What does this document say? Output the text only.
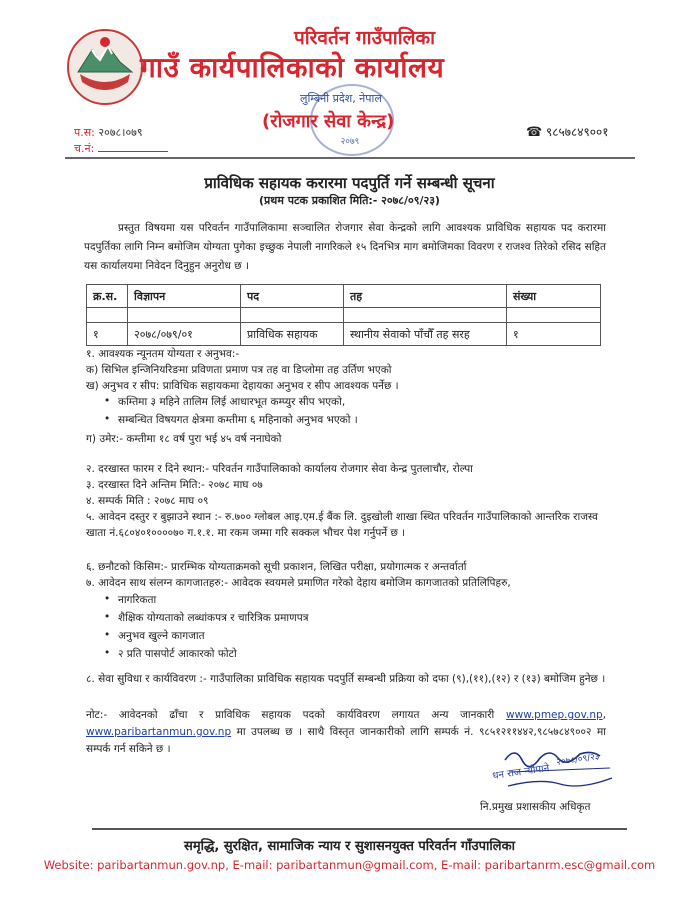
परिवर्तन गाउँपालिका
गाउँ कार्यपालिकाको कार्यालय
लुम्बिनी प्रदेश, नेपाल
(रोजगार सेवा केन्द्र)
२०७९
प.स: २०७८।०७९
च.नं:
☎ ९८५७८४९००१
प्राविधिक सहायक करारमा पदपुर्ति गर्ने सम्बन्धी सूचना
(प्रथम पटक प्रकाशित मिति:- २०७८/०९/२३)
प्रस्तुत विषयमा यस परिवर्तन गाउँपालिकामा सञ्चालित रोजगार सेवा केन्द्रको लागि आवश्यक प्राविधिक सहायक पद करारमा पदपुर्तिका लागि निम्न बमोजिम योग्यता पुगेका इच्छुक नेपाली नागरिकले १५ दिनभित्र माग बमोजिमका विवरण र राजश्व तिरेको रसिद सहित यस कार्यालयमा निवेदन दिनुहुन अनुरोध छ ।
क्र.स.	विज्ञापन	पद	तह	संख्या

१	२०७८/०७९/०१	प्राविधिक सहायक	स्थानीय सेवाको पाँचौँ तह सरह	१
१. आवश्यक न्यूनतम योग्यता र अनुभव:-
क) सिभिल इन्जिनियरिङमा प्रविणता प्रमाण पत्र तह वा डिप्लोमा तह उर्तिण भएको
ख) अनुभव र सीप: प्राविधिक सहायकमा देहायका अनुभव र सीप आवश्यक पर्नेछ ।
• कम्तिमा ३ महिने तालिम लिई आधारभूत कम्प्युर सीप भएको,
• सम्बन्धित विषयगत क्षेत्रमा कम्तीमा ६ महिनाको अनुभव भएको ।
ग) उमेर:- कम्तीमा १८ वर्ष पुरा भई ४५ वर्ष ननाघेको
२. दरखास्त फारम र दिने स्थान:- परिवर्तन गाउँपालिकाको कार्यालय रोजगार सेवा केन्द्र पुतलाचौर, रोल्पा
३. दरखास्त दिने अन्तिम मिति:- २०७८ माघ ०७
४. सम्पर्क मिति : २०७८ माघ ०९
५. आवेदन दस्तुर र बुझाउने स्थान :- रु.७०० ग्लोबल आइ.एम.ई बैंक लि. दुइखोली शाखा स्थित परिवर्तन गाउँपालिकाको आन्तरिक राजस्व खाता नं.६८०४०१००००७० ग.१.१. मा रकम जम्मा गरि सक्कल भौचर पेश गर्नुपर्ने छ ।
६. छनौटको किसिम:- प्रारम्भिक योग्यताक्रमको सूची प्रकाशन, लिखित परीक्षा, प्रयोगात्मक र अन्तर्वार्ता
७. आवेदन साथ संलग्न कागजातहरु:- आवेदक स्वयमले प्रमाणित गरेको देहाय बमोजिम कागजातको प्रतिलिपिहरु,
• नागरिकता
• शैक्षिक योग्यताको लब्धांकपत्र र चारित्रिक प्रमाणपत्र
• अनुभव खुल्ने कागजात
• २ प्रति पासपोर्ट आकारको फोटो
८. सेवा सुविधा र कार्यविवरण :- गाउँपालिका प्राविधिक सहायक पदपुर्ति सम्बन्धी प्रक्रिया को दफा (९),(११),(१२) र (१३) बमोजिम हुनेछ ।
नोट:- आवेदनको ढाँचा र प्राविधिक सहायक पदको कार्यविवरण लगायत अन्य जानकारी www.pmep.gov.np, www.paribartanmun.gov.np मा उपलब्ध छ । साथै विस्तृत जानकारीको लागि सम्पर्क नं. ९८५१२११४४२,९८५७८४९००२ मा सम्पर्क गर्न सकिने छ ।
धन राज न्यौपाने
२०७८/०९/२३
नि.प्रमुख प्रशासकीय अधिकृत
समृद्धि, सुरक्षित, सामाजिक न्याय र सुशासनयुक्त परिवर्तन गाँउपालिका
Website: paribartanmun.gov.np, E-mail: paribartanmun@gmail.com, E-mail: paribartanrm.esc@gmail.com
